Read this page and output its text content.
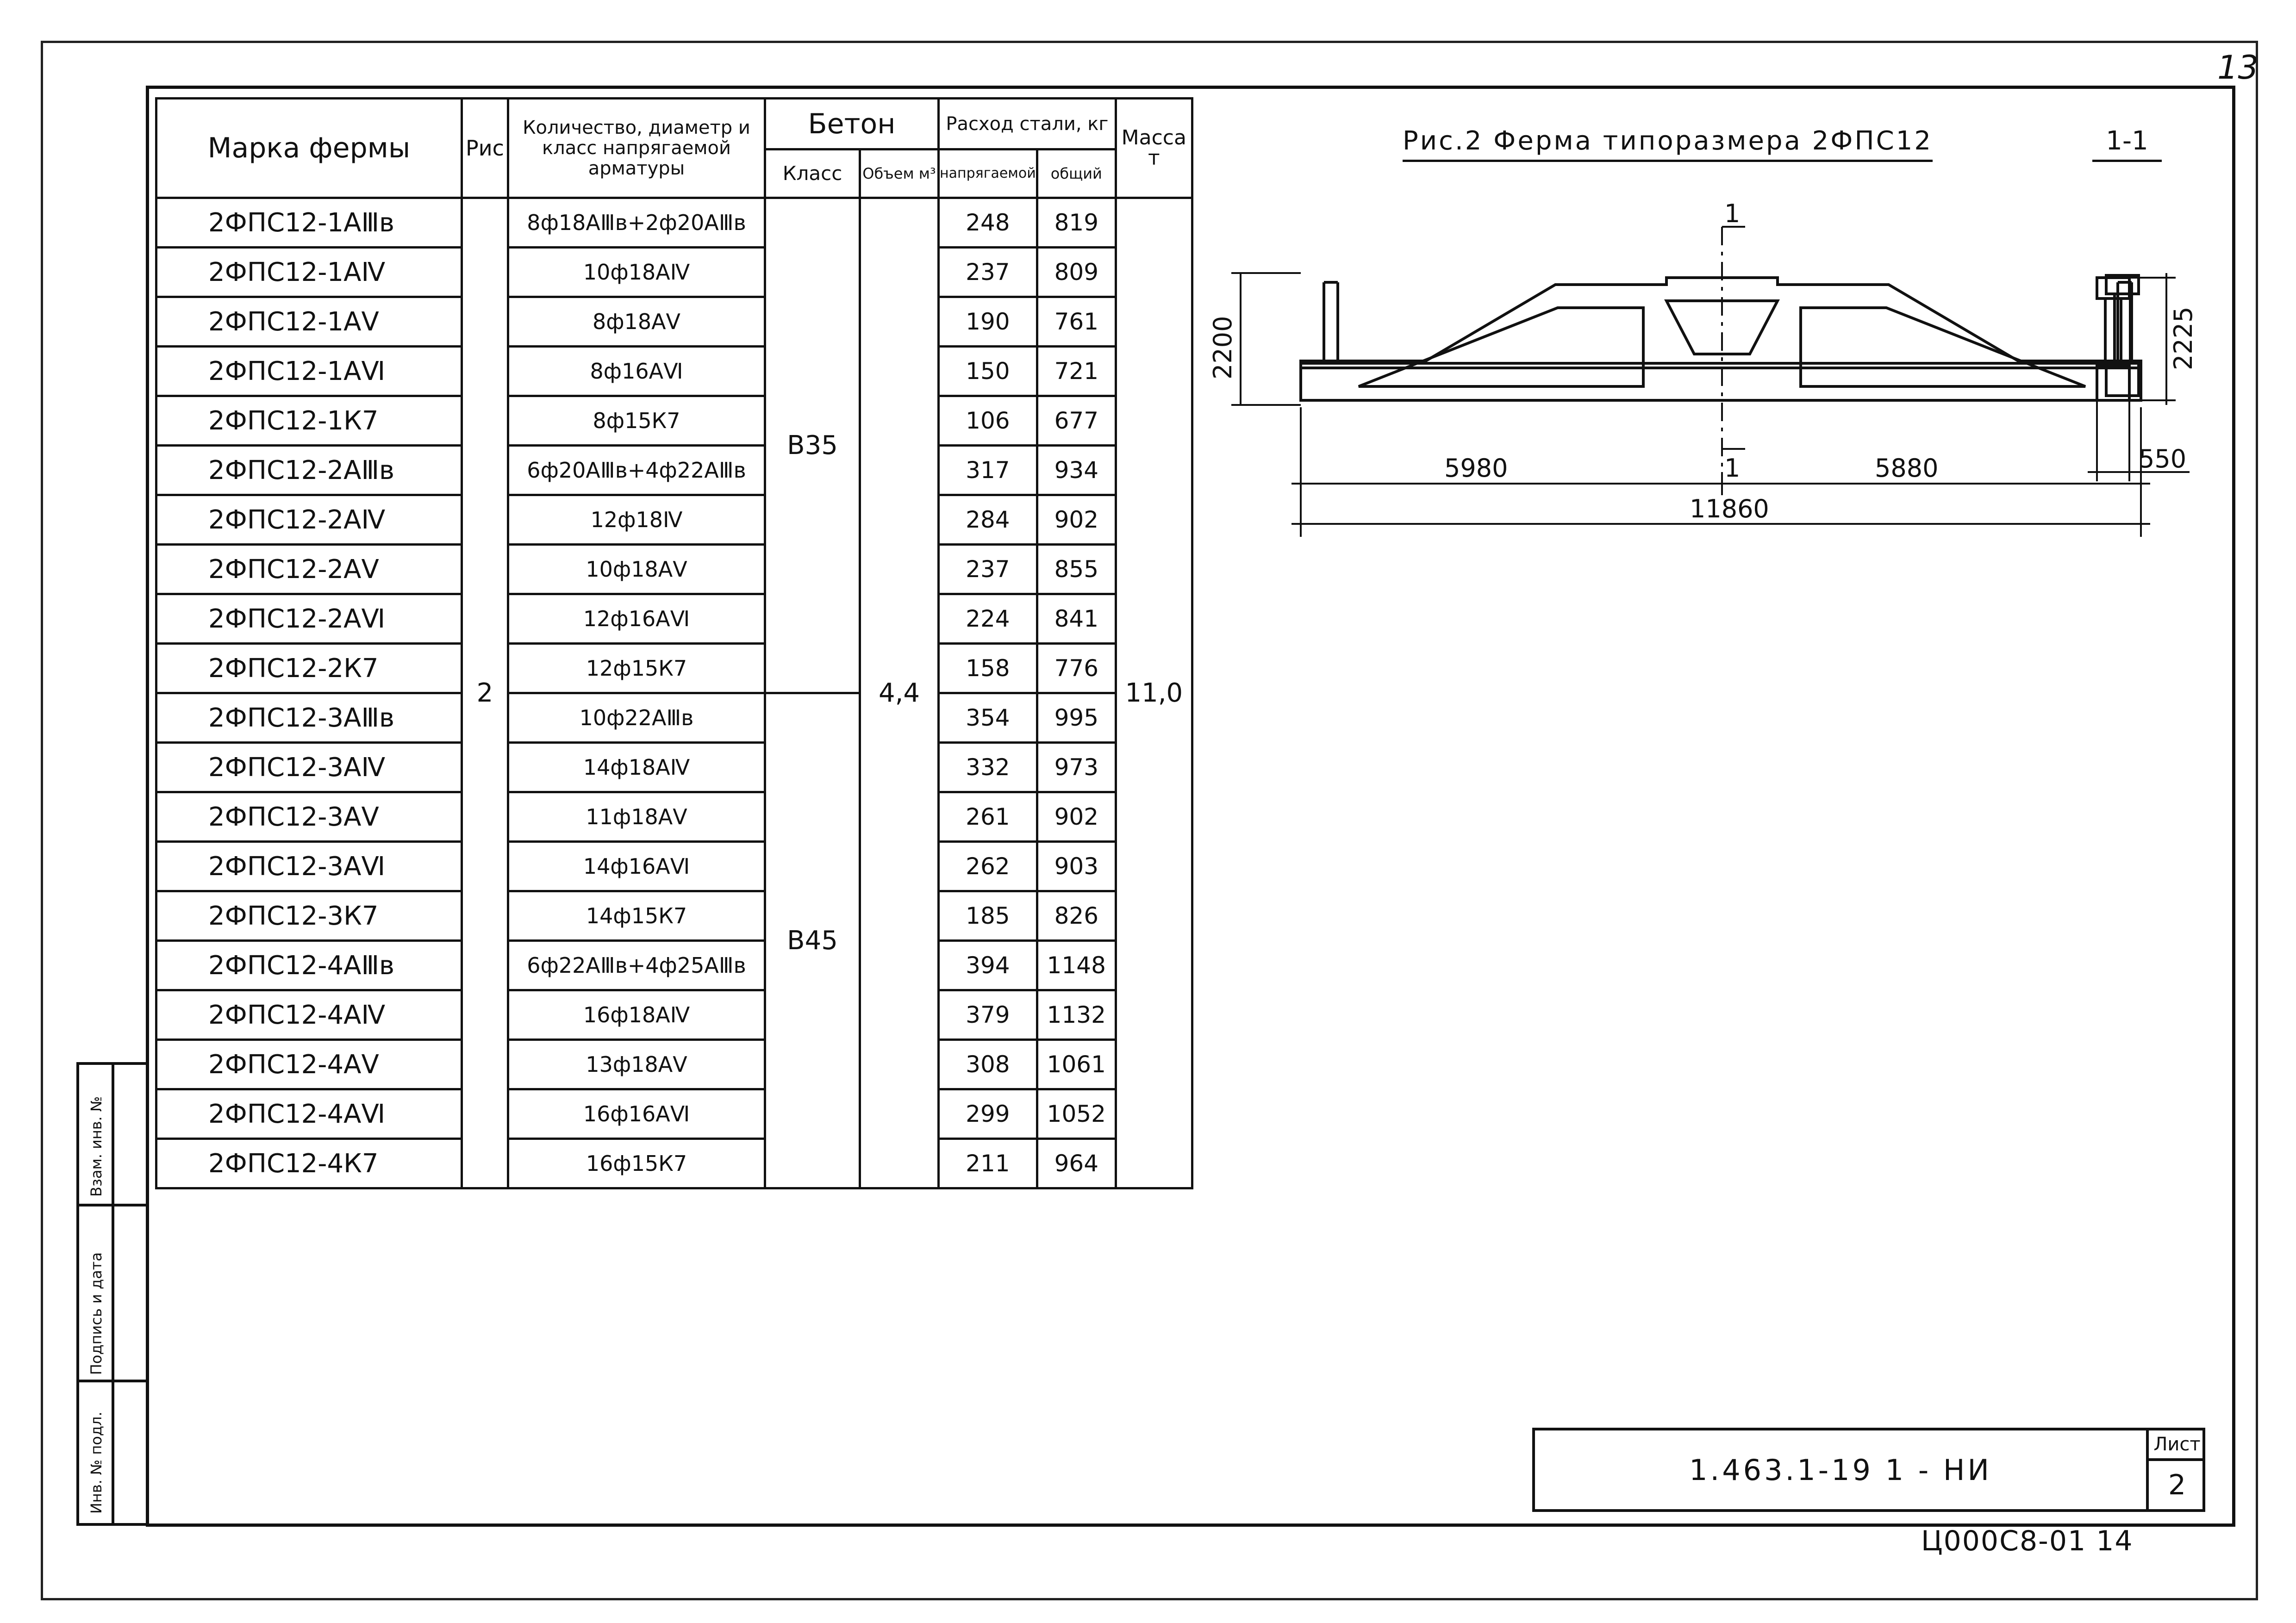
13
Марка фермы	Рис	Количество, диаметр и класс напрягаемой арматуры	Бетон		Расход стали, кг		Масса т
			Класс	Объем м³	напрягаемой	общий	
2ФПС12-1АⅢв	2	8ф18АⅢв+2ф20АⅢв	В35	4,4	248	819	11,0
2ФПС12-1АⅣ		10ф18АⅣ			237	809	
2ФПС12-1АⅤ		8ф18АⅤ			190	761	
2ФПС12-1АⅥ		8ф16АⅥ			150	721	
2ФПС12-1К7		8ф15К7			106	677	
2ФПС12-2АⅢв		6ф20АⅢв+4ф22АⅢв			317	934	
2ФПС12-2АⅣ		12ф18Ⅳ			284	902	
2ФПС12-2АⅤ		10ф18АⅤ			237	855	
2ФПС12-2АⅥ		12ф16АⅥ			224	841	
2ФПС12-2К7		12ф15К7			158	776	
2ФПС12-3АⅢв		10ф22АⅢв	В45		354	995	
2ФПС12-3АⅣ		14ф18АⅣ			332	973	
2ФПС12-3АⅤ		11ф18АⅤ			261	902	
2ФПС12-3АⅥ		14ф16АⅥ			262	903	
2ФПС12-3К7		14ф15К7			185	826	
2ФПС12-4АⅢв		6ф22АⅢв+4ф25АⅢв			394	1148	
2ФПС12-4АⅣ		16ф18АⅣ			379	1132	
2ФПС12-4АⅤ		13ф18АⅤ			308	1061	
2ФПС12-4АⅥ		16ф16АⅥ			299	1052	
2ФПС12-4К7		16ф15К7			211	964	
Рис.2 Ферма типоразмера 2ФПС12	1-1
2200
5980	5880
11860
1
1
2225
550
Взам. инв. №
Подпись и дата
Инв. № подл.	1.463.1-19 1 - НИ
Лист
2
Ц000С8-01 14
